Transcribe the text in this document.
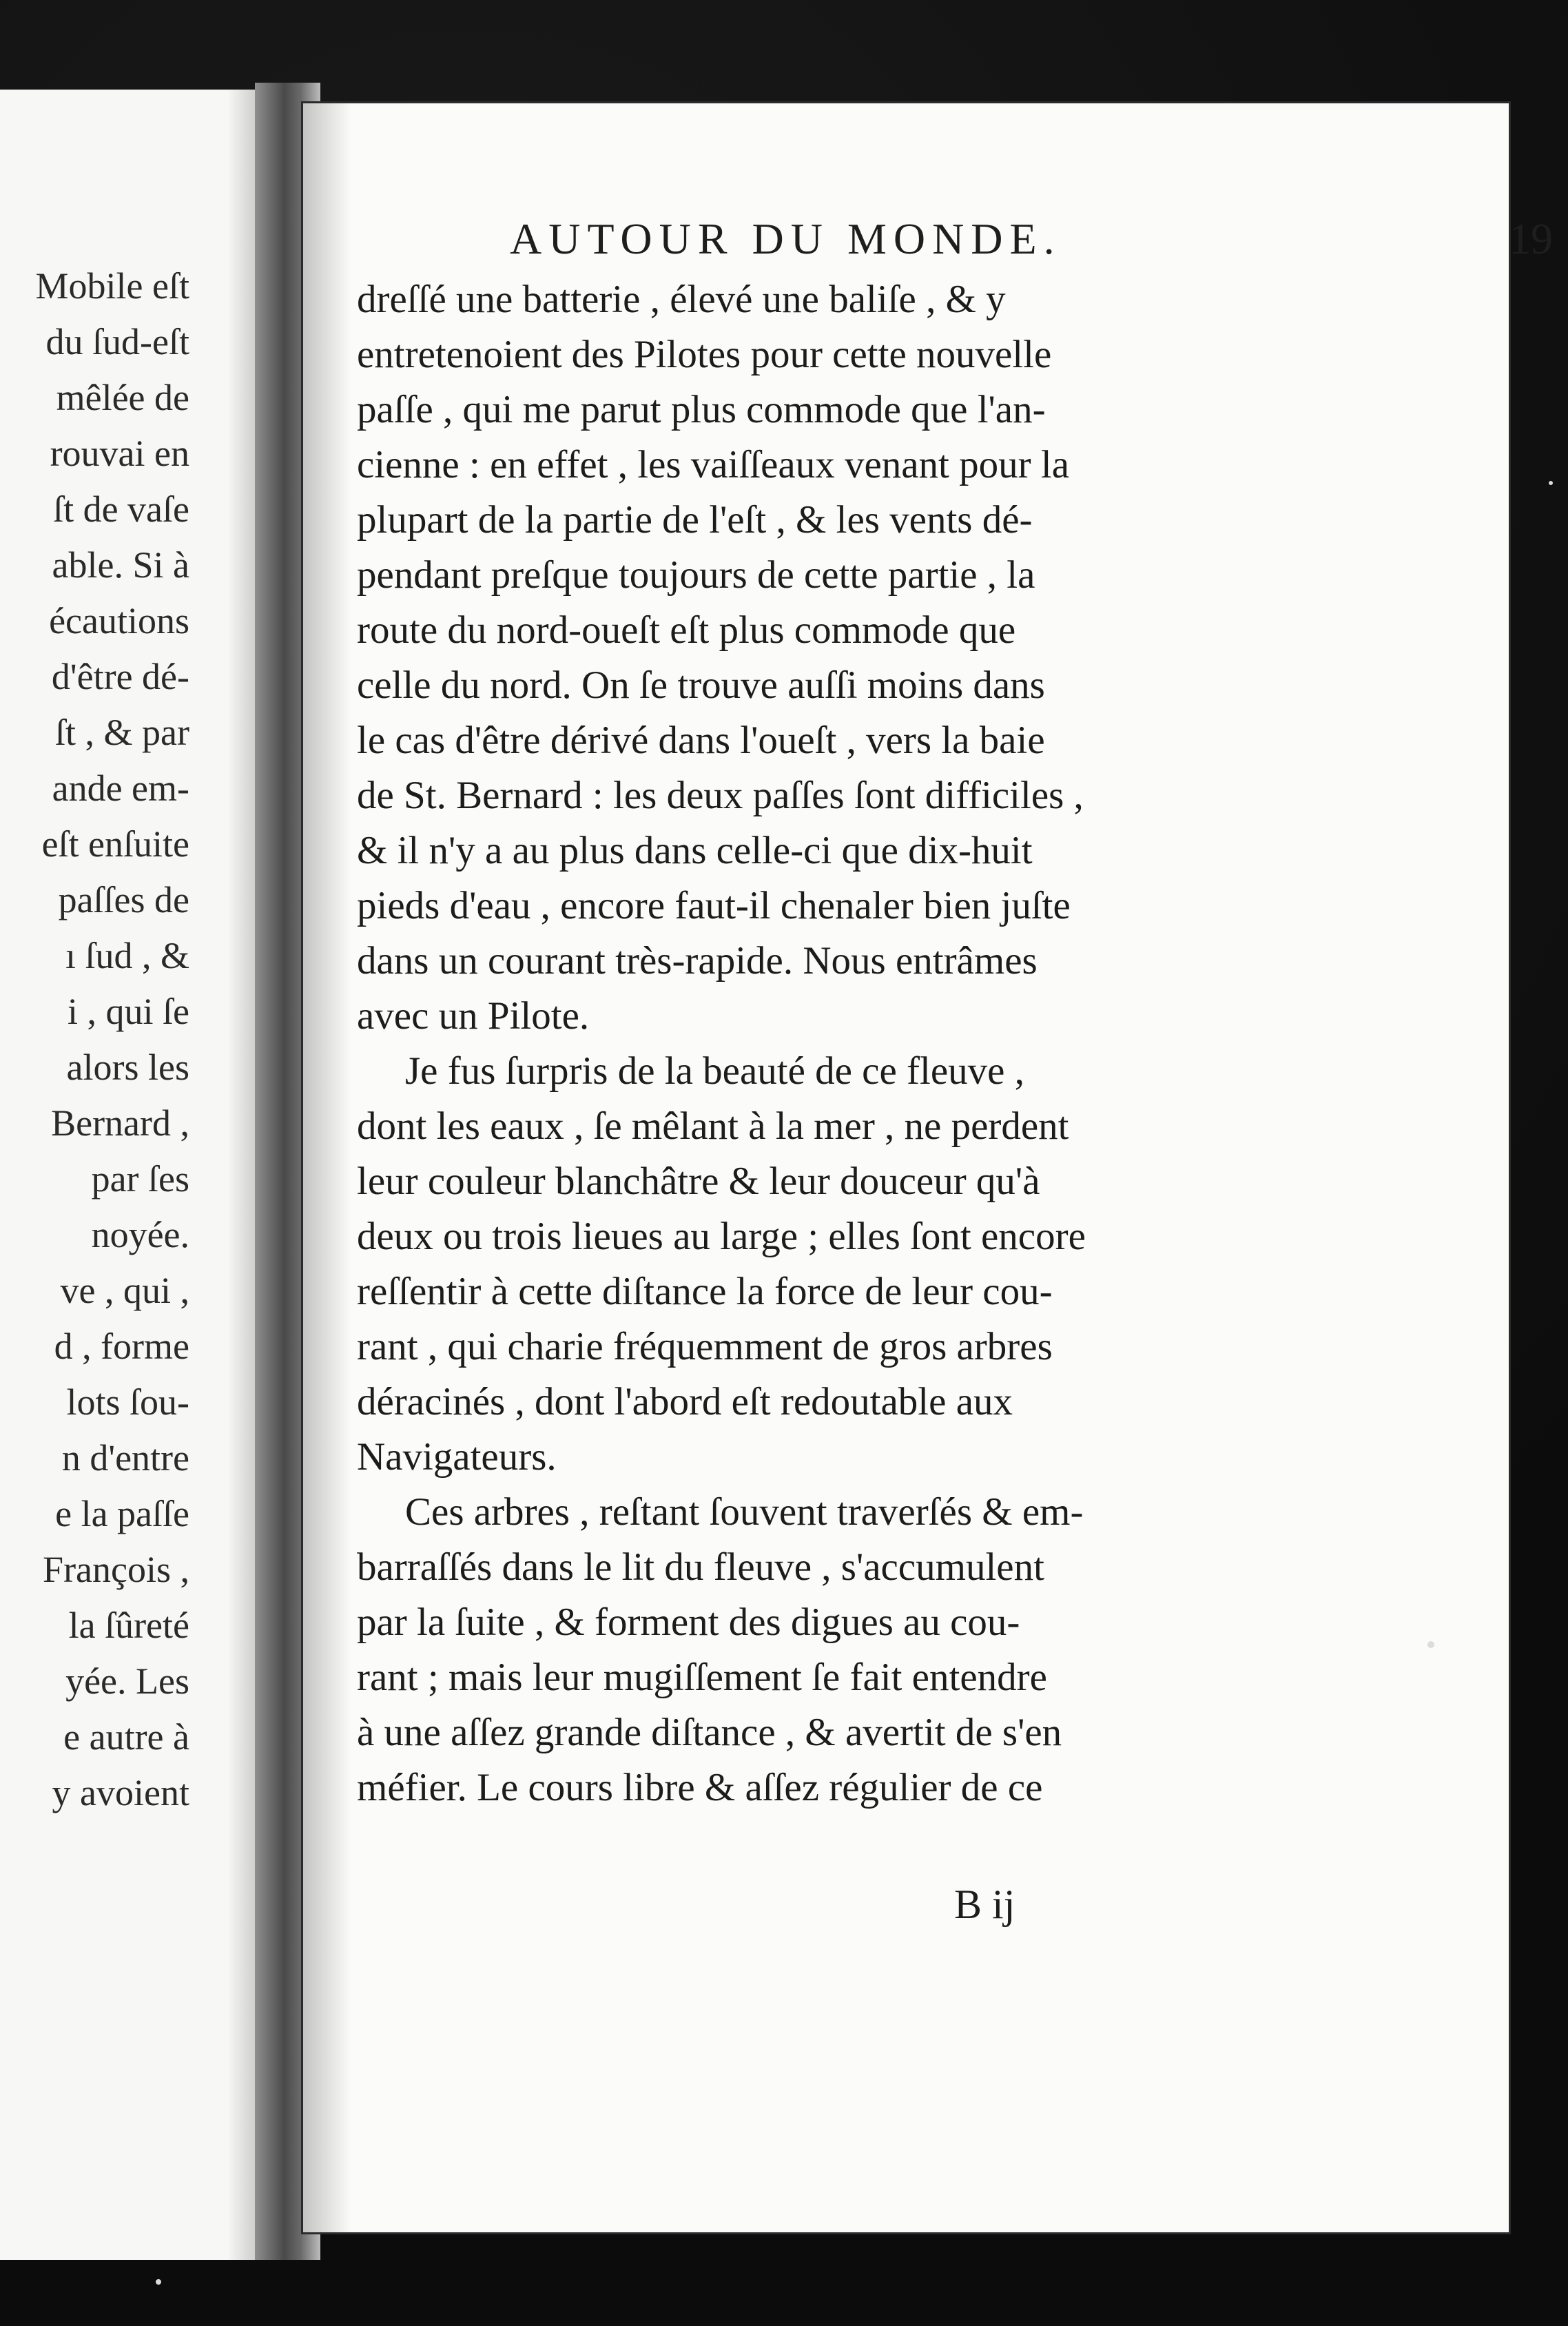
Mobile eſt
du ſud-eſt
mêlée de
rouvai en
ſt de vaſe
able. Si à
écautions
d'être dé-
ſt , & par
ande em-
eſt enſuite
paſſes de
ı ſud , &
i , qui ſe
alors les
Bernard ,
par ſes
noyée.
ve , qui ,
d , forme
lots ſou-
n d'entre
e la paſſe
François ,
la ſûreté
yée. Les
e autre à
y avoient
AUTOUR DU MONDE.	19
dreſſé une batterie , élevé une baliſe , & y
entretenoient des Pilotes pour cette nouvelle
paſſe , qui me parut plus commode que l'an-
cienne : en effet , les vaiſſeaux venant pour la
plupart de la partie de l'eſt , & les vents dé-
pendant preſque toujours de cette partie , la
route du nord-oueſt eſt plus commode que
celle du nord. On ſe trouve auſſi moins dans
le cas d'être dérivé dans l'oueſt , vers la baie
de St. Bernard : les deux paſſes ſont difficiles ,
& il n'y a au plus dans celle-ci que dix-huit
pieds d'eau , encore faut-il chenaler bien juſte
dans un courant très-rapide. Nous entrâmes
avec un Pilote.
Je fus ſurpris de la beauté de ce fleuve ,
dont les eaux , ſe mêlant à la mer , ne perdent
leur couleur blanchâtre & leur douceur qu'à
deux ou trois lieues au large ; elles ſont encore
reſſentir à cette diſtance la force de leur cou-
rant , qui charie fréquemment de gros arbres
déracinés , dont l'abord eſt redoutable aux
Navigateurs.
Ces arbres , reſtant ſouvent traverſés & em-
barraſſés dans le lit du fleuve , s'accumulent
par la ſuite , & forment des digues au cou-
rant ; mais leur mugiſſement ſe fait entendre
à une aſſez grande diſtance , & avertit de s'en
méfier. Le cours libre & aſſez régulier de ce
B ij
